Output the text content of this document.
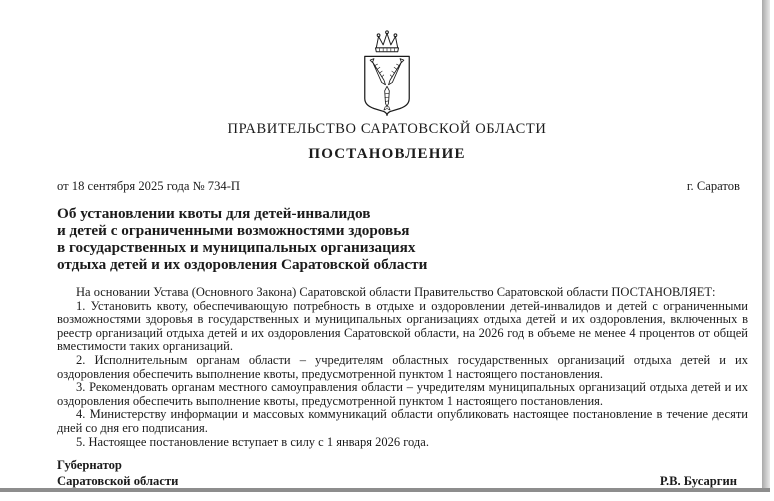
ПРАВИТЕЛЬСТВО САРАТОВСКОЙ ОБЛАСТИ
ПОСТАНОВЛЕНИЕ
от 18 сентября 2025 года № 734-П	г. Саратов
Об установлении квоты для детей-инвалидов
и детей с ограниченными возможностями здоровья
в государственных и муниципальных организациях
отдыха детей и их оздоровления Саратовской области

На основании Устава (Основного Закона) Саратовской области Правительство Саратовской области ПОСТАНОВЛЯЕТ:

1. Установить квоту, обеспечивающую потребность в отдыхе и оздоровлении детей-инвалидов и детей с ограниченными возможностями здоровья в государственных и муниципальных организациях отдыха детей и их оздоровления, включенных в реестр организаций отдыха детей и их оздоровления Саратовской области, на 2026 год в объеме не менее 4 процентов от общей вместимости таких организаций.

2. Исполнительным органам области – учредителям областных государственных организаций отдыха детей и их оздоровления обеспечить выполнение квоты, предусмотренной пунктом 1 настоящего постановления.

3. Рекомендовать органам местного самоуправления области – учредителям муниципальных организаций отдыха детей и их оздоровления обеспечить выполнение квоты, предусмотренной пунктом 1 настоящего постановления.

4. Министерству информации и массовых коммуникаций области опубликовать настоящее постановление в течение десяти дней со дня его подписания.

5. Настоящее постановление вступает в силу с 1 января 2026 года.

Губернатор
Саратовской области	Р.В. Бусаргин
